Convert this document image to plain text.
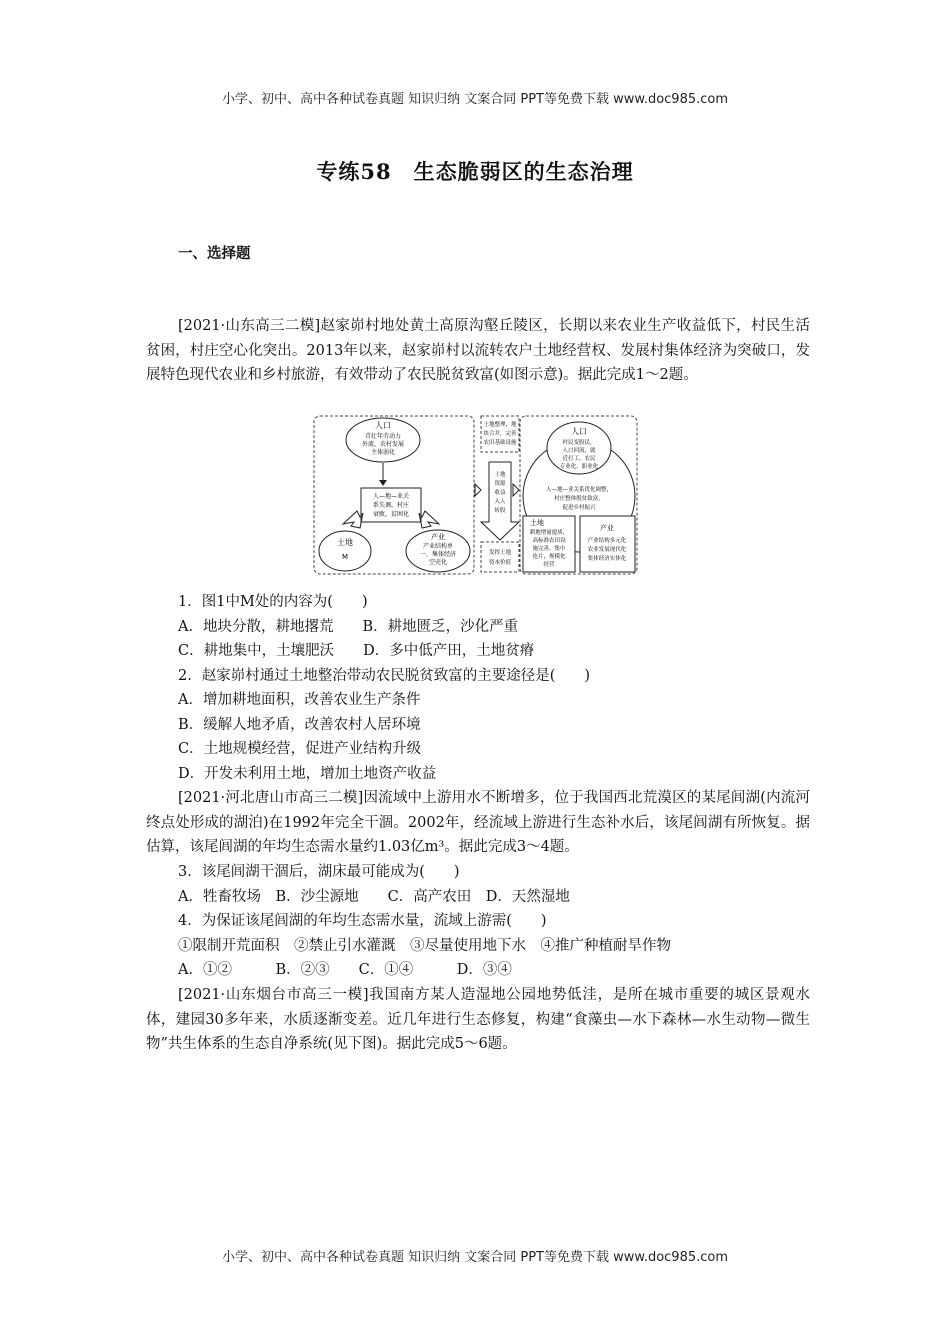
小学、初中、高中各种试卷真题 知识归纳 文案合同 PPT等免费下载 www.doc985.com
专练58　生态脆弱区的生态治理
一、选择题
[2021·山东高三二模]赵家峁村地处黄土高原沟壑丘陵区，长期以来农业生产收益低下，村民生活贫困，村庄空心化突出。2013年以来，赵家峁村以流转农户土地经营权、发展村集体经济为突破口，发展特色现代农业和乡村旅游，有效带动了农民脱贫致富(如图示意)。据此完成1～2题。
人口
青壮年劳动力
外流，农村发展
主体弱化
人—地—业关
系失调，村庄
衰败，贫困化
土地
M
产业
产业结构单
一，集体经济
空壳化
土地整理，地
块合并，完善
农田基础设施
土地
资源
收益
入人
转股
发挥土地
资本价值
人口
村民变股民，
人口回流，就
近打工，农民
专业化、职业化
人—地—业关系优化调整，
村庄整体脱贫致富，
促进乡村振兴
土地
耕地增量提质，
高标准农田设
施完善，集中
连片，规模化
经营
产业
产业结构多元化
农业发展现代化
集体经济实体化
1．图1中M处的内容为(　　)
A．地块分散，耕地撂荒　　B．耕地匮乏，沙化严重
C．耕地集中，土壤肥沃　　D．多中低产田，土地贫瘠
2．赵家峁村通过土地整治带动农民脱贫致富的主要途径是(　　)
A．增加耕地面积，改善农业生产条件
B．缓解人地矛盾，改善农村人居环境
C．土地规模经营，促进产业结构升级
D．开发未利用土地，增加土地资产收益
[2021·河北唐山市高三二模]因流域中上游用水不断增多，位于我国西北荒漠区的某尾闾湖(内流河终点处形成的湖泊)在1992年完全干涸。2002年，经流域上游进行生态补水后，该尾闾湖有所恢复。据估算，该尾闾湖的年均生态需水量约1.03亿m³。据此完成3～4题。
3．该尾闾湖干涸后，湖床最可能成为(　　)
A．牲畜牧场　B．沙尘源地　　C．高产农田　D．天然湿地
4．为保证该尾闾湖的年均生态需水量，流域上游需(　　)
①限制开荒面积　②禁止引水灌溉　③尽量使用地下水　④推广种植耐旱作物
A．①②　　　B．②③　　C．①④　　　D．③④
[2021·山东烟台市高三一模]我国南方某人造湿地公园地势低洼，是所在城市重要的城区景观水体，建园30多年来，水质逐渐变差。近几年进行生态修复，构建“食藻虫—水下森林—水生动物—微生物”共生体系的生态自净系统(见下图)。据此完成5～6题。
小学、初中、高中各种试卷真题 知识归纳 文案合同 PPT等免费下载 www.doc985.com
